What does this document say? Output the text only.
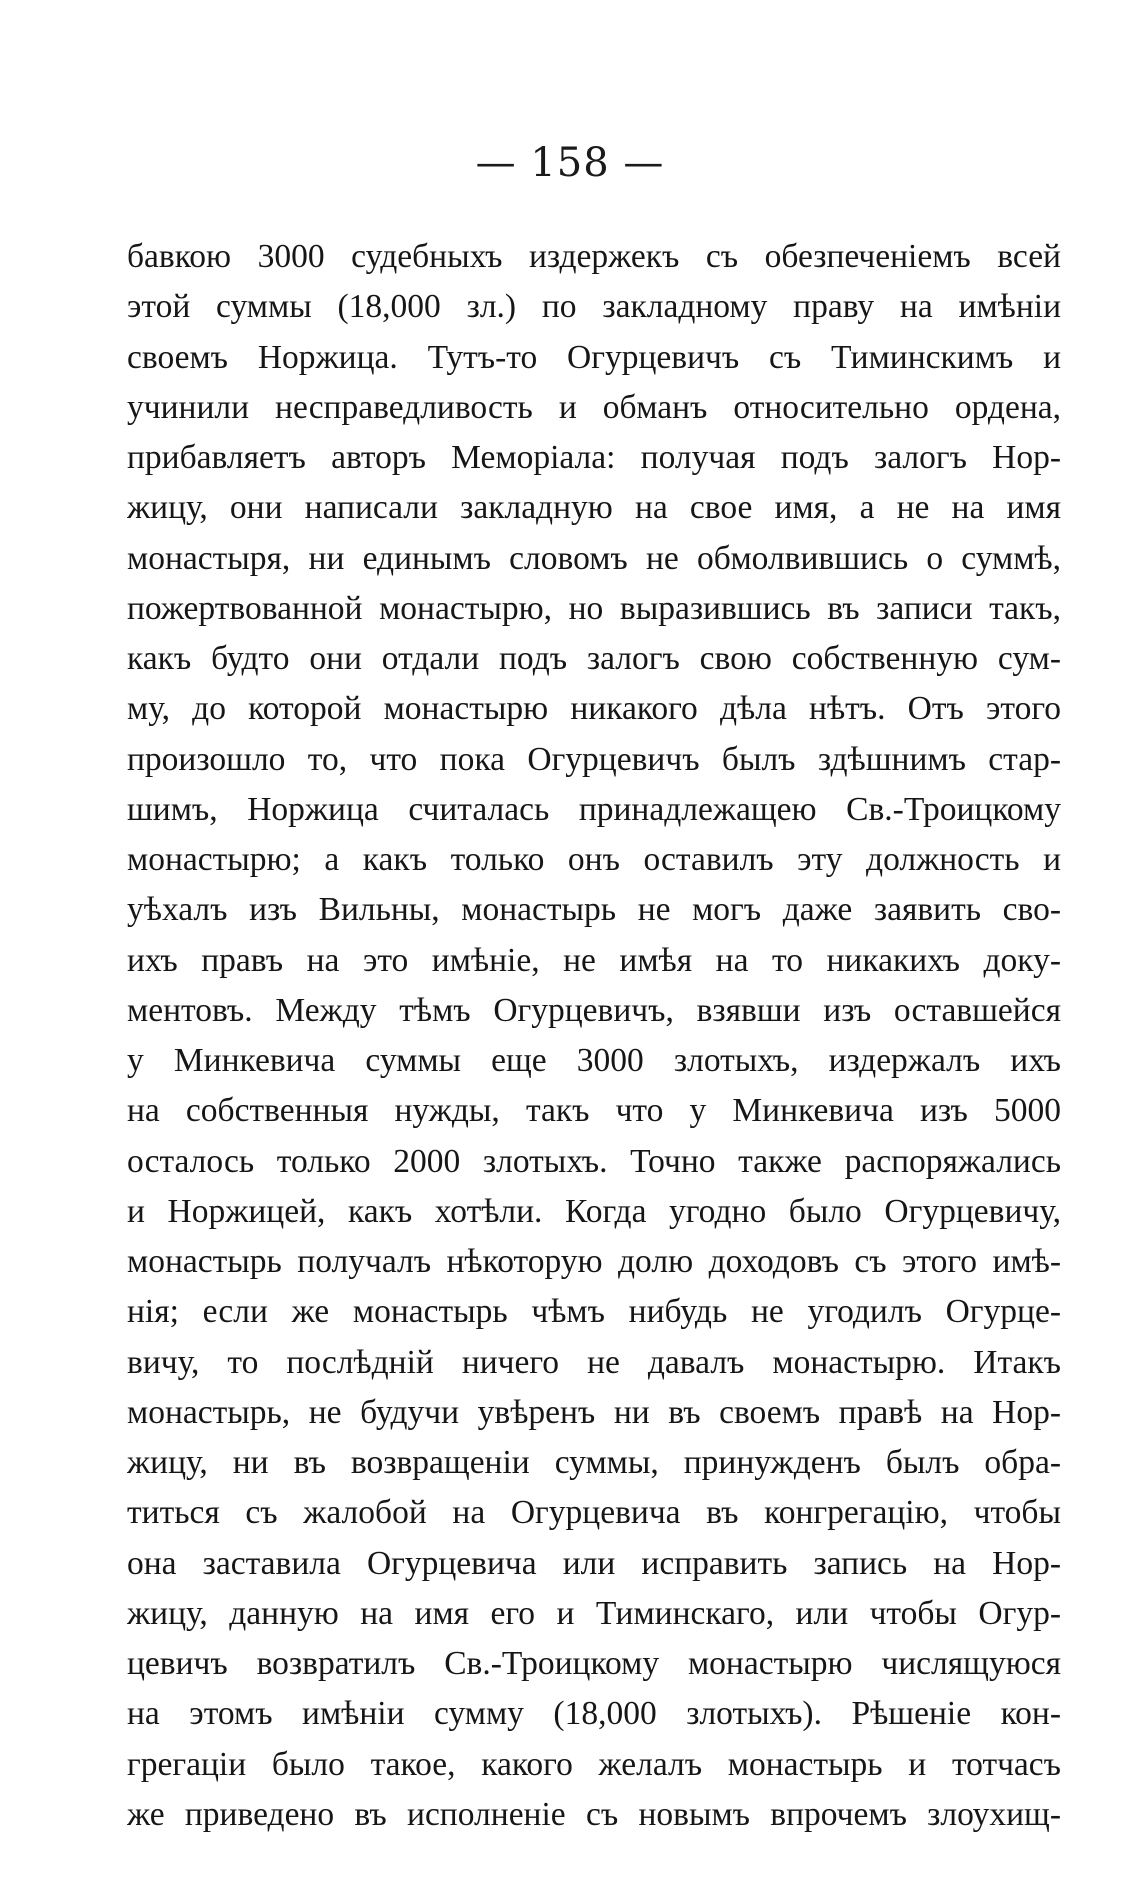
— 158 —
бавкою 3000 судебныхъ издержекъ съ обезпеченіемъ всей
этой суммы (18,000 зл.) по закладному праву на имѣніи
своемъ Норжица. Тутъ-то Огурцевичъ съ Тиминскимъ и
учинили несправедливость и обманъ относительно ордена,
прибавляетъ авторъ Меморіала: получая подъ залогъ Нор-
жицу, они написали закладную на свое имя, а не на имя
монастыря, ни единымъ словомъ не обмолвившись о суммѣ,
пожертвованной монастырю, но выразившись въ записи такъ,
какъ будто они отдали подъ залогъ свою собственную сум-
му, до которой монастырю никакого дѣла нѣтъ. Отъ этого
произошло то, что пока Огурцевичъ былъ здѣшнимъ стар-
шимъ, Норжица считалась принадлежащею Св.-Троицкому
монастырю; а какъ только онъ оставилъ эту должность и
уѣхалъ изъ Вильны, монастырь не могъ даже заявить сво-
ихъ правъ на это имѣніе, не имѣя на то никакихъ доку-
ментовъ. Между тѣмъ Огурцевичъ, взявши изъ оставшейся
у Минкевича суммы еще 3000 злотыхъ, издержалъ ихъ
на собственныя нужды, такъ что у Минкевича изъ 5000
осталось только 2000 злотыхъ. Точно также распоряжались
и Норжицей, какъ хотѣли. Когда угодно было Огурцевичу,
монастырь получалъ нѣкоторую долю доходовъ съ этого имѣ-
нія; если же монастырь чѣмъ нибудь не угодилъ Огурце-
вичу, то послѣдній ничего не давалъ монастырю. Итакъ
монастырь, не будучи увѣренъ ни въ своемъ правѣ на Нор-
жицу, ни въ возвращеніи суммы, принужденъ былъ обра-
титься съ жалобой на Огурцевича въ конгрегацію, чтобы
она заставила Огурцевича или исправить запись на Нор-
жицу, данную на имя его и Тиминскаго, или чтобы Огур-
цевичъ возвратилъ Св.-Троицкому монастырю числящуюся
на этомъ имѣніи сумму (18,000 злотыхъ). Рѣшеніе кон-
грегаціи было такое, какого желалъ монастырь и тотчасъ
же приведено въ исполненіе съ новымъ впрочемъ злоухищ-
